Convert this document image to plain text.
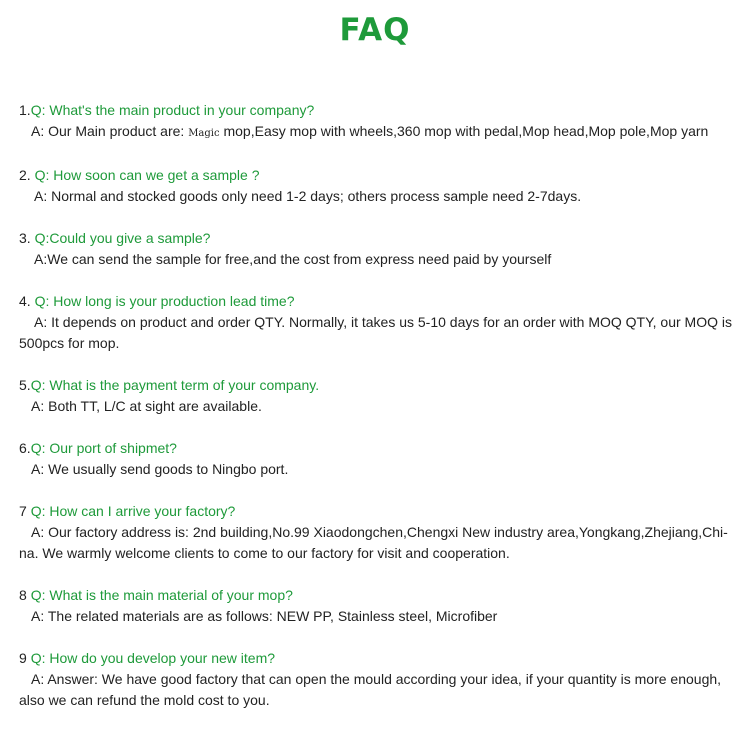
FAQ
1.Q: What's the main product in your company?
A: Our Main product are: Magic mop,Easy mop with wheels,360 mop with pedal,Mop head,Mop pole,Mop yarn
2. Q: How soon can we get a sample ?
A: Normal and stocked goods only need 1-2 days; others process sample need 2-7days.
3. Q:Could you give a sample?
A:We can send the sample for free,and the cost from express need paid by yourself
4. Q: How long is your production lead time?
A: It depends on product and order QTY. Normally, it takes us 5-10 days for an order with MOQ QTY, our MOQ is 500pcs for mop.
5.Q: What is the payment term of your company.
A: Both TT, L/C at sight are available.
6.Q: Our port of shipmet?
A: We usually send goods to Ningbo port.
7 Q: How can I arrive your factory?
A: Our factory address is: 2nd building,No.99 Xiaodongchen,Chengxi New industry area,Yongkang,Zhejiang,Chi-na. We warmly welcome clients to come to our factory for visit and cooperation.
8 Q: What is the main material of your mop?
A: The related materials are as follows: NEW PP, Stainless steel, Microfiber
9 Q: How do you develop your new item?
A: Answer: We have good factory that can open the mould according your idea, if your quantity is more enough, also we can refund the mold cost to you.
